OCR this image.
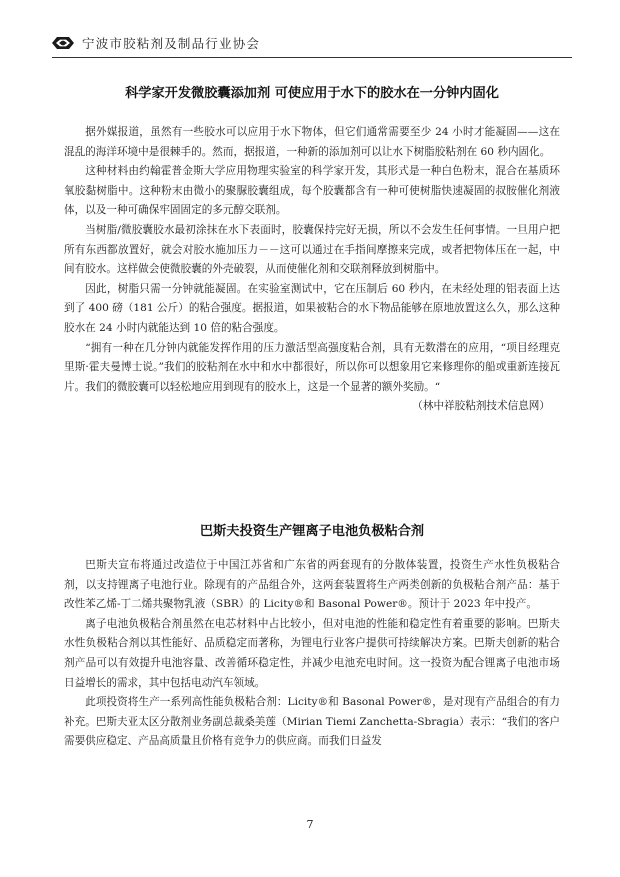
宁波市胶粘剂及制品行业协会
科学家开发微胶囊添加剂 可使应用于水下的胶水在一分钟内固化

据外媒报道，虽然有一些胶水可以应用于水下物体，但它们通常需要至少 24 小时才能凝固——这在混乱的海洋环境中是很棘手的。然而，据报道，一种新的添加剂可以让水下树脂胶粘剂在 60 秒内固化。

这种材料由约翰霍普金斯大学应用物理实验室的科学家开发，其形式是一种白色粉末，混合在基质环氧胶黏树脂中。这种粉末由微小的聚脲胶囊组成，每个胶囊都含有一种可使树脂快速凝固的叔胺催化剂液体，以及一种可确保牢固固定的多元醇交联剂。

当树脂/微胶囊胶水最初涂抹在水下表面时，胶囊保持完好无损，所以不会发生任何事情。一旦用户把所有东西都放置好，就会对胶水施加压力－－这可以通过在手指间摩擦来完成，或者把物体压在一起，中间有胶水。这样做会使微胶囊的外壳破裂，从而使催化剂和交联剂释放到树脂中。

因此，树脂只需一分钟就能凝固。在实验室测试中，它在压制后 60 秒内，在未经处理的铝表面上达到了 400 磅（181 公斤）的粘合强度。据报道，如果被粘合的水下物品能够在原地放置这么久，那么这种胶水在 24 小时内就能达到 10 倍的粘合强度。

“拥有一种在几分钟内就能发挥作用的压力激活型高强度粘合剂，具有无数潜在的应用，“项目经理克里斯·霍夫曼博士说。”我们的胶粘剂在水中和水中都很好，所以你可以想象用它来修理你的船或重新连接瓦片。我们的微胶囊可以轻松地应用到现有的胶水上，这是一个显著的额外奖励。“

（林中祥胶粘剂技术信息网）

巴斯夫投资生产锂离子电池负极粘合剂

巴斯夫宣布将通过改造位于中国江苏省和广东省的两套现有的分散体装置，投资生产水性负极粘合剂，以支持锂离子电池行业。除现有的产品组合外，这两套装置将生产两类创新的负极粘合剂产品：基于改性苯乙烯-丁二烯共聚物乳液（SBR）的 Licity®和 Basonal Power®。预计于 2023 年中投产。

离子电池负极粘合剂虽然在电芯材料中占比较小，但对电池的性能和稳定性有着重要的影响。巴斯夫水性负极粘合剂以其性能好、品质稳定而著称，为锂电行业客户提供可持续解决方案。巴斯夫创新的粘合剂产品可以有效提升电池容量、改善循环稳定性，并减少电池充电时间。这一投资为配合锂离子电池市场日益增长的需求，其中包括电动汽车领域。

此项投资将生产一系列高性能负极粘合剂：Licity®和 Basonal Power®，是对现有产品组合的有力补充。巴斯夫亚太区分散剂业务副总裁桑美莲（Mirian Tiemi Zanchetta-Sbragia）表示：“我们的客户需要供应稳定、产品高质量且价格有竞争力的供应商。而我们日益发

7
